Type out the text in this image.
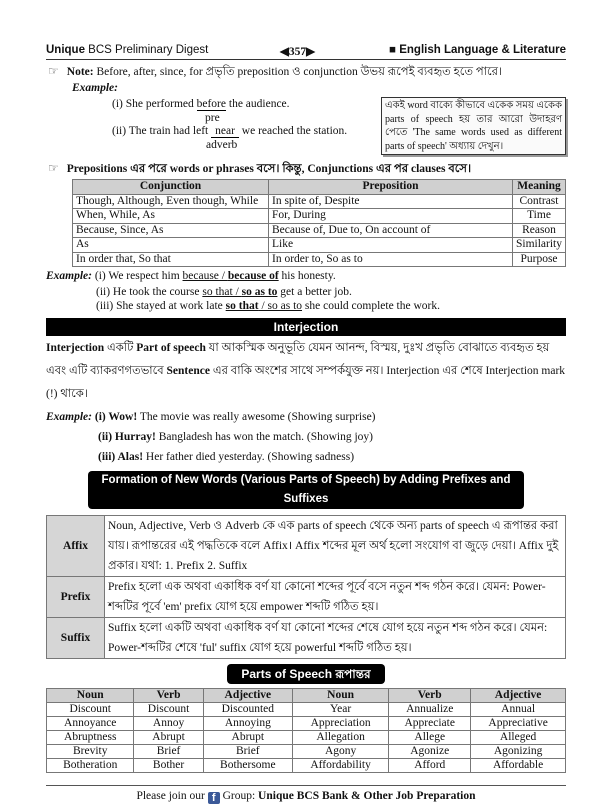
Unique BCS Preliminary Digest	◀357▶	■ English Language & Literature
☞ Note: Before, after, since, for প্রভৃতি preposition ও conjunction উভয় রূপেই ব্যবহৃত হতে পারে।
Example:
(i) She performed before the audience.
pre
(ii) The train had left near we reached the station.
adverb
একই word বাক্যে কীভাবে একেক সময় একেক parts of speech হয় তার আরো উদাহরণ পেতে 'The same words used as different parts of speech' অধ্যায় দেখুন।
☞ Prepositions এর পরে words or phrases বসে। কিন্তু, Conjunctions এর পর clauses বসে।
Conjunction	Preposition	Meaning
Though, Although, Even though, While	In spite of, Despite	Contrast
When, While, As	For, During	Time
Because, Since, As	Because of, Due to, On account of	Reason
As	Like	Similarity
In order that, So that	In order to, So as to	Purpose
Example: (i) We respect him because / because of his honesty.
(ii) He took the course so that / so as to get a better job.
(iii) She stayed at work late so that / so as to she could complete the work.
Interjection
Interjection একটি Part of speech যা আকস্মিক অনুভূতি যেমন আনন্দ, বিস্ময়, দুঃখ প্রভৃতি বোঝাতে ব্যবহৃত হয় এবং এটি ব্যাকরণগতভাবে Sentence এর বাকি অংশের সাথে সম্পর্কযুক্ত নয়। Interjection এর শেষে Interjection mark (!) থাকে।
Example: (i) Wow! The movie was really awesome (Showing surprise)
(ii) Hurray! Bangladesh has won the match. (Showing joy)
(iii) Alas! Her father died yesterday. (Showing sadness)
Formation of New Words (Various Parts of Speech) by Adding Prefixes and Suffixes
Affix	Noun, Adjective, Verb ও Adverb কে এক parts of speech থেকে অন্য parts of speech এ রূপান্তর করা যায়। রূপান্তরের এই পদ্ধতিকে বলে Affix। Affix শব্দের মূল অর্থ হলো সংযোগ বা জুড়ে দেয়া। Affix দুই প্রকার। যথা: 1. Prefix 2. Suffix
Prefix	Prefix হলো এক অথবা একাধিক বর্ণ যা কোনো শব্দের পূর্বে বসে নতুন শব্দ গঠন করে। যেমন: Power-শব্দটির পূর্বে 'em' prefix যোগ হয়ে empower শব্দটি গঠিত হয়।
Suffix	Suffix হলো একটি অথবা একাধিক বর্ণ যা কোনো শব্দের শেষে যোগ হয়ে নতুন শব্দ গঠন করে। যেমন: Power-শব্দটির শেষে 'ful' suffix যোগ হয়ে powerful শব্দটি গঠিত হয়।
Parts of Speech রূপান্তর
Noun	Verb	Adjective	Noun	Verb	Adjective
Discount	Discount	Discounted	Year	Annualize	Annual
Annoyance	Annoy	Annoying	Appreciation	Appreciate	Appreciative
Abruptness	Abrupt	Abrupt	Allegation	Allege	Alleged
Brevity	Brief	Brief	Agony	Agonize	Agonizing
Botheration	Bother	Bothersome	Affordability	Afford	Affordable
Please join our f Group: Unique BCS Bank & Other Job Preparation
